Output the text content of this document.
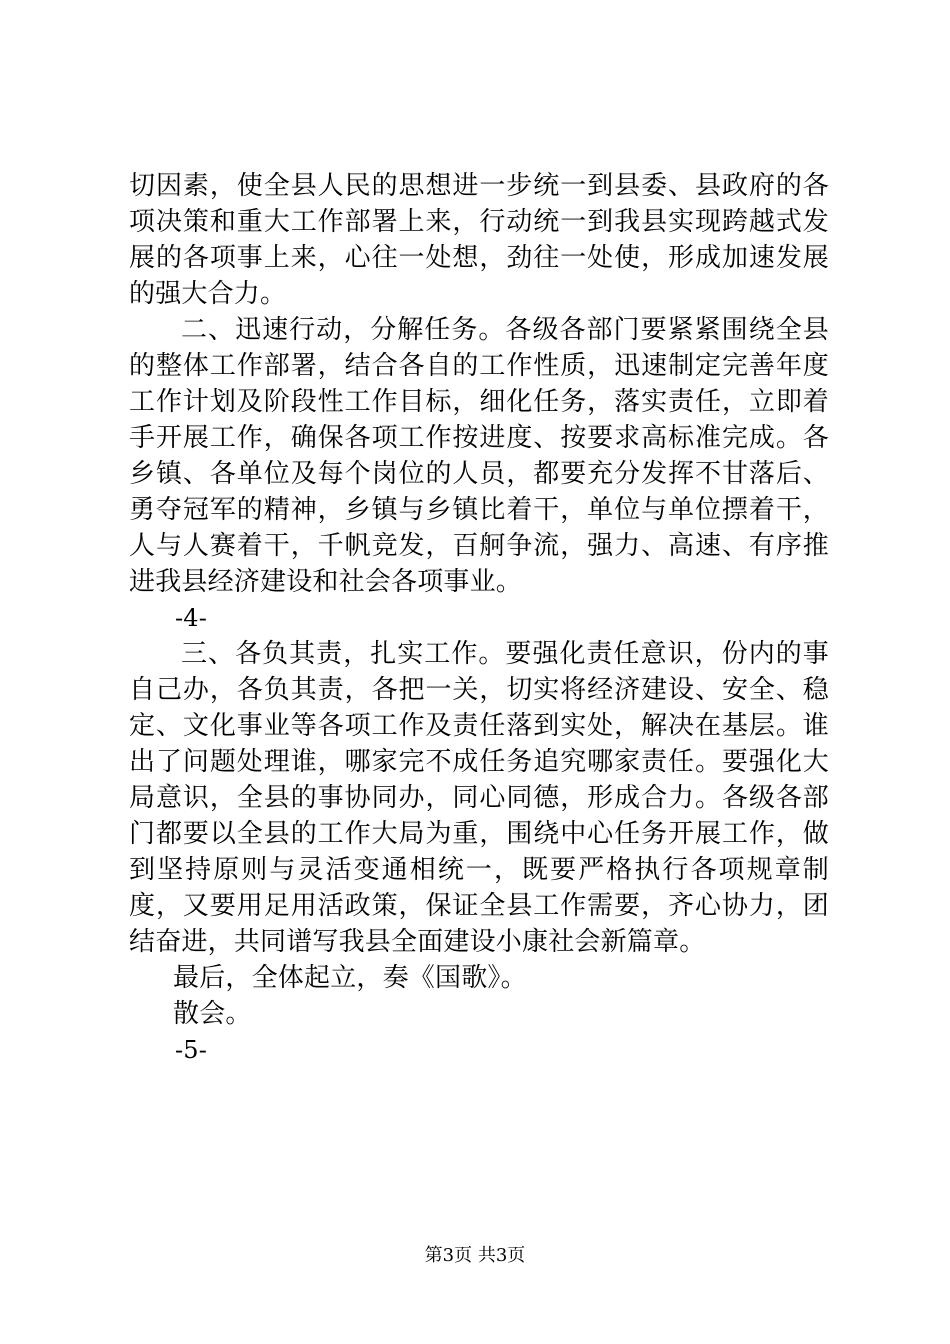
切因素，使全县人民的思想进一步统一到县委、县政府的各项决策和重大工作部署上来，行动统一到我县实现跨越式发展的各项事上来，心往一处想，劲往一处使，形成加速发展的强大合力。

二、迅速行动，分解任务。各级各部门要紧紧围绕全县的整体工作部署，结合各自的工作性质，迅速制定完善年度工作计划及阶段性工作目标，细化任务，落实责任，立即着手开展工作，确保各项工作按进度、按要求高标准完成。各乡镇、各单位及每个岗位的人员，都要充分发挥不甘落后、勇夺冠军的精神，乡镇与乡镇比着干，单位与单位摽着干，人与人赛着干，千帆竞发，百舸争流，强力、高速、有序推进我县经济建设和社会各项事业。

-4-

三、各负其责，扎实工作。要强化责任意识，份内的事自己办，各负其责，各把一关，切实将经济建设、安全、稳定、文化事业等各项工作及责任落到实处，解决在基层。谁出了问题处理谁，哪家完不成任务追究哪家责任。要强化大局意识，全县的事协同办，同心同德，形成合力。各级各部门都要以全县的工作大局为重，围绕中心任务开展工作，做到坚持原则与灵活变通相统一，既要严格执行各项规章制度，又要用足用活政策，保证全县工作需要，齐心协力，团结奋进，共同谱写我县全面建设小康社会新篇章。

最后，全体起立，奏《国歌》。

散会。

-5-

第3页 共3页
